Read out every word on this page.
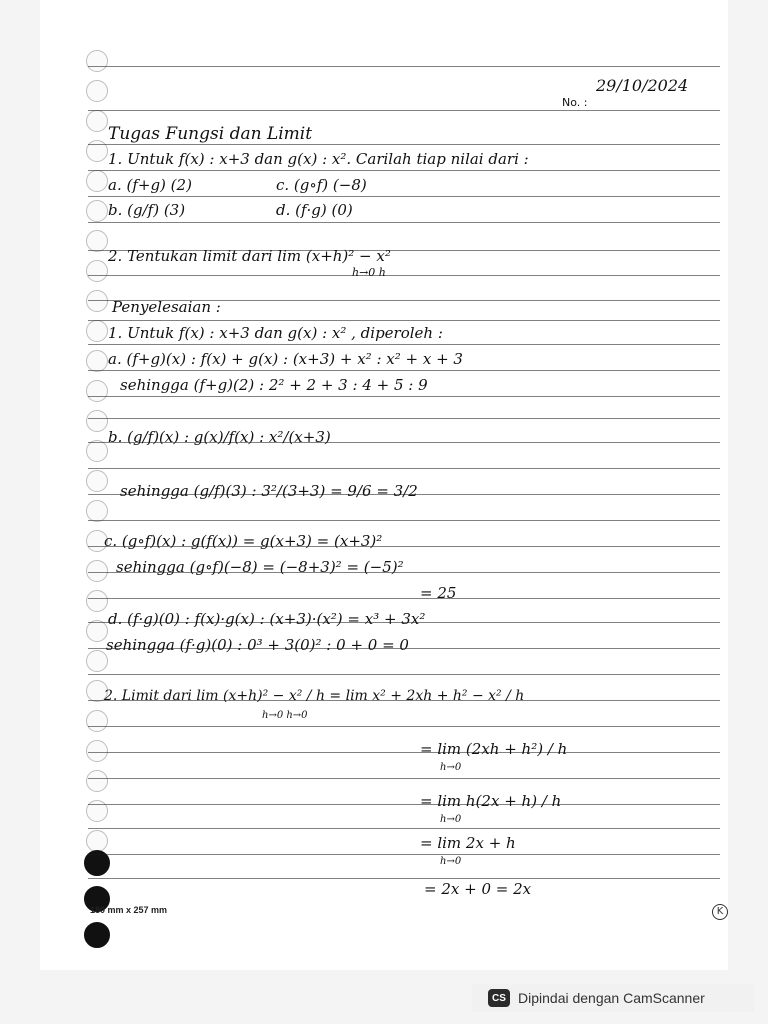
29/10/2024
No. :
Tugas Fungsi dan Limit
1. Untuk f(x) : x+3 dan g(x) : x². Carilah tiap nilai dari :
a. (f+g) (2)	c. (g∘f) (−8)
b. (g/f) (3)	d. (f·g) (0)
2. Tentukan limit dari lim (x+h)² − x²
h→0 h
Penyelesaian :
1. Untuk f(x) : x+3 dan g(x) : x² , diperoleh :
a. (f+g)(x) : f(x) + g(x) : (x+3) + x² : x² + x + 3
sehingga (f+g)(2) : 2² + 2 + 3 : 4 + 5 : 9
b. (g/f)(x) : g(x)/f(x) : x²/(x+3)
sehingga (g/f)(3) : 3²/(3+3) = 9/6 = 3/2
c. (g∘f)(x) : g(f(x)) = g(x+3) = (x+3)²
sehingga (g∘f)(−8) = (−8+3)² = (−5)²
= 25
d. (f·g)(0) : f(x)·g(x) : (x+3)·(x²) = x³ + 3x²
sehingga (f·g)(0) : 0³ + 3(0)² : 0 + 0 = 0
2. Limit dari lim (x+h)² − x² / h = lim x² + 2xh + h² − x² / h
h→0 h→0
= lim (2xh + h²) / h
h→0
= lim h(2x + h) / h
h→0
= lim 2x + h
h→0
= 2x + 0 = 2x
180 mm x 257 mm	K
CS Dipindai dengan CamScanner
